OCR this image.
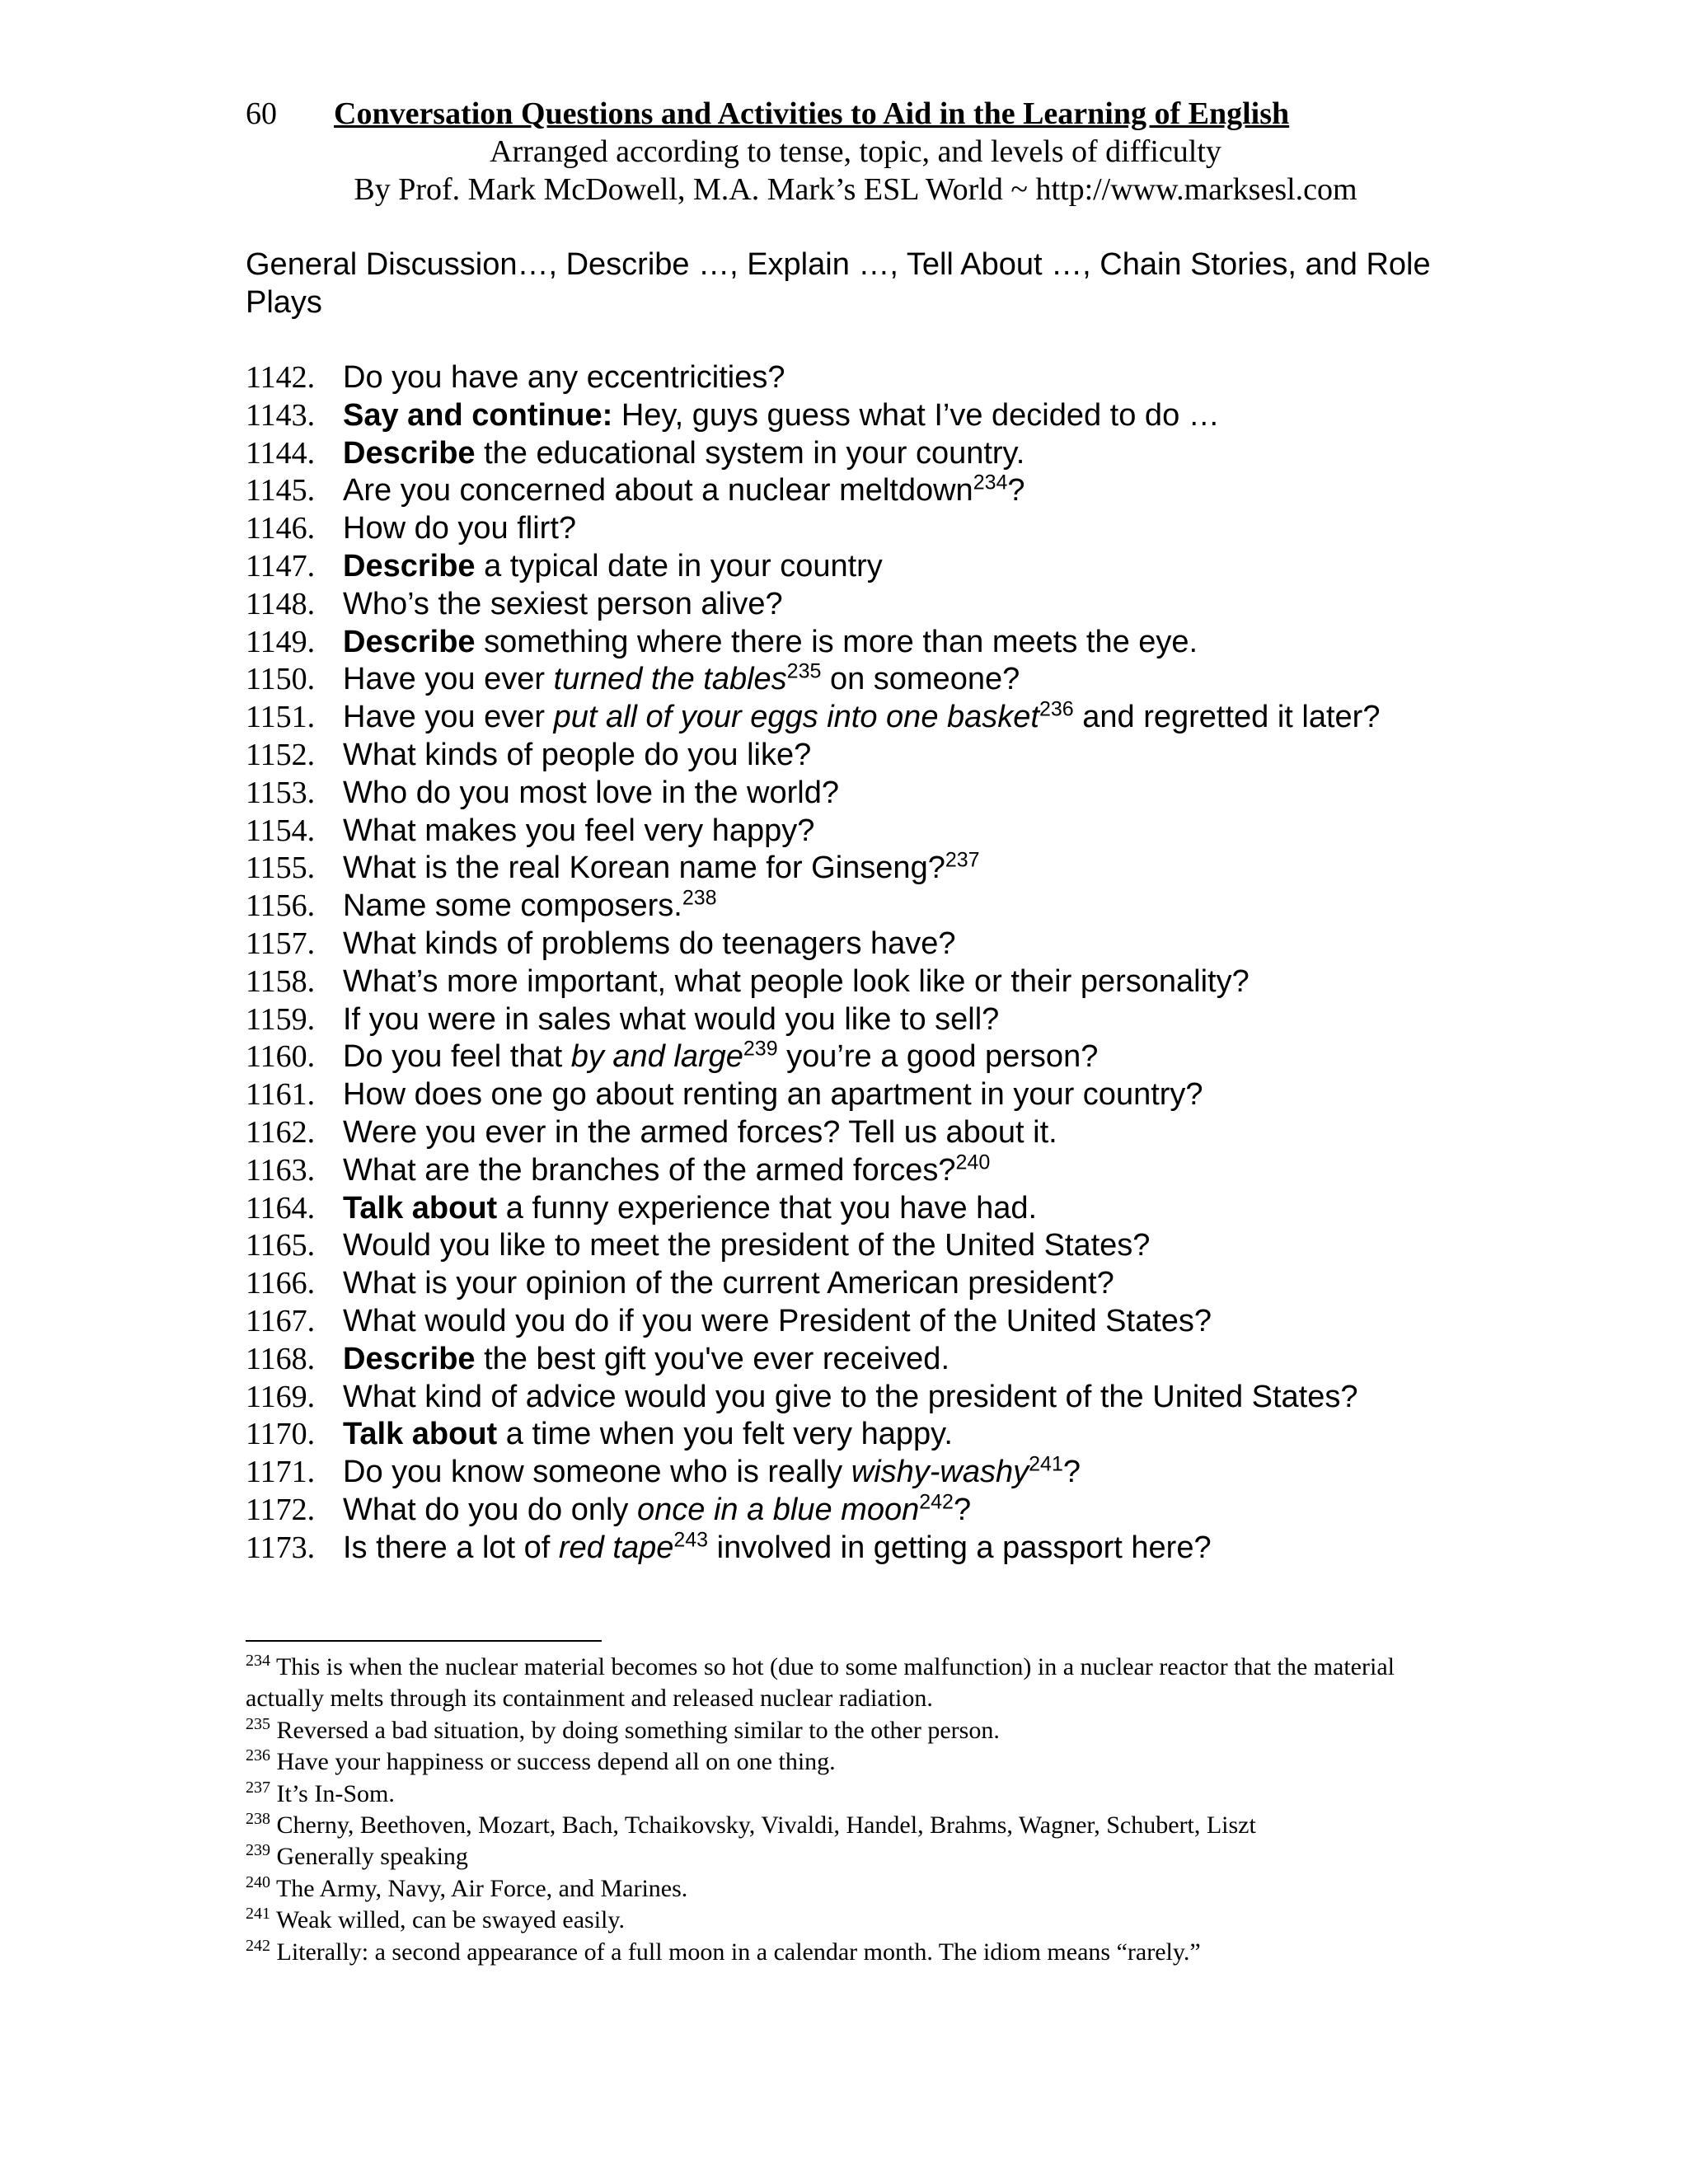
60 Conversation Questions and Activities to Aid in the Learning of English
Arranged according to tense, topic, and levels of difficulty
By Prof. Mark McDowell, M.A. Mark’s ESL World ~ http://www.marksesl.com
General Discussion…, Describe …, Explain …, Tell About …, Chain Stories, and Role Plays
1142. Do you have any eccentricities?
1143. Say and continue: Hey, guys guess what I’ve decided to do …
1144. Describe the educational system in your country.
1145. Are you concerned about a nuclear meltdown$^{234}$?
1146. How do you flirt?
1147. Describe a typical date in your country
1148. Who’s the sexiest person alive?
1149. Describe something where there is more than meets the eye.
1150. Have you ever turned the tables$^{235}$ on someone?
1151. Have you ever put all of your eggs into one basket$^{236}$ and regretted it later?
1152. What kinds of people do you like?
1153. Who do you most love in the world?
1154. What makes you feel very happy?
1155. What is the real Korean name for Ginseng?$^{237}$
1156. Name some composers.$^{238}$
1157. What kinds of problems do teenagers have?
1158. What’s more important, what people look like or their personality?
1159. If you were in sales what would you like to sell?
1160. Do you feel that by and large$^{239}$ you’re a good person?
1161. How does one go about renting an apartment in your country?
1162. Were you ever in the armed forces? Tell us about it.
1163. What are the branches of the armed forces?$^{240}$
1164. Talk about a funny experience that you have had.
1165. Would you like to meet the president of the United States?
1166. What is your opinion of the current American president?
1167. What would you do if you were President of the United States?
1168. Describe the best gift you've ever received.
1169. What kind of advice would you give to the president of the United States?
1170. Talk about a time when you felt very happy.
1171. Do you know someone who is really wishy-washy$^{241}$?
1172. What do you do only once in a blue moon$^{242}$?
1173. Is there a lot of red tape$^{243}$ involved in getting a passport here?
$^{234}$ This is when the nuclear material becomes so hot (due to some malfunction) in a nuclear reactor that the material actually melts through its containment and released nuclear radiation.
$^{235}$ Reversed a bad situation, by doing something similar to the other person.
$^{236}$ Have your happiness or success depend all on one thing.
$^{237}$ It’s In-Som.
$^{238}$ Cherny, Beethoven, Mozart, Bach, Tchaikovsky, Vivaldi, Handel, Brahms, Wagner, Schubert, Liszt
$^{239}$ Generally speaking
$^{240}$ The Army, Navy, Air Force, and Marines.
$^{241}$ Weak willed, can be swayed easily.
$^{242}$ Literally: a second appearance of a full moon in a calendar month. The idiom means “rarely.”
